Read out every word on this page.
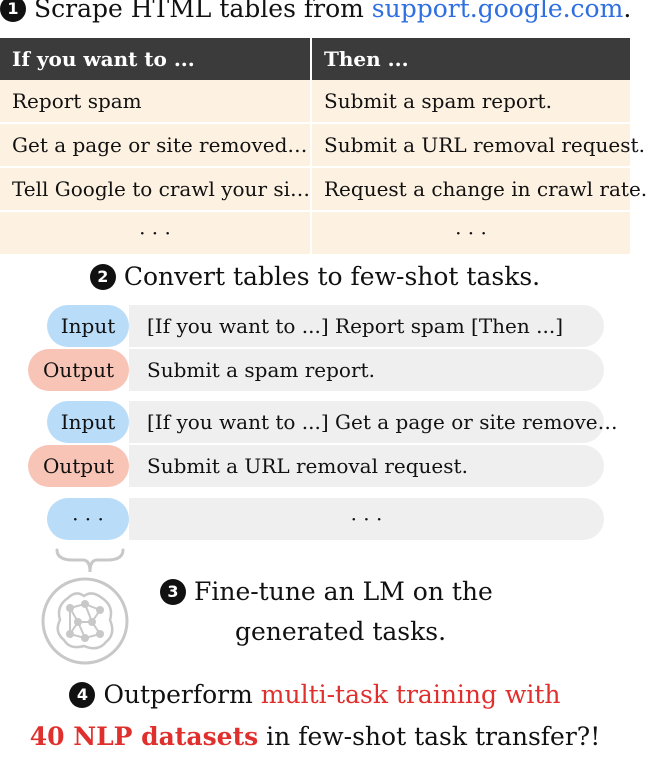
1 Scrape HTML tables from support.google.com.
If you want to ...	Then ...
Report spam	Submit a spam report.
Get a page or site removed… Submit a URL removal request.
Tell Google to crawl your si… Request a change in crawl rate.
· · ·	· · ·
2 Convert tables to few-shot tasks.
[If you want to ...] Report spam [Then ...]
Input
Submit a spam report.
Output
[If you want to ...] Get a page or site remove…
Input
Submit a URL removal request.
Output
· · ·
· · ·
3 Fine-tune an LM on the
generated tasks.
4 Outperform multi-task training with
40 NLP datasets in few-shot task transfer?!
